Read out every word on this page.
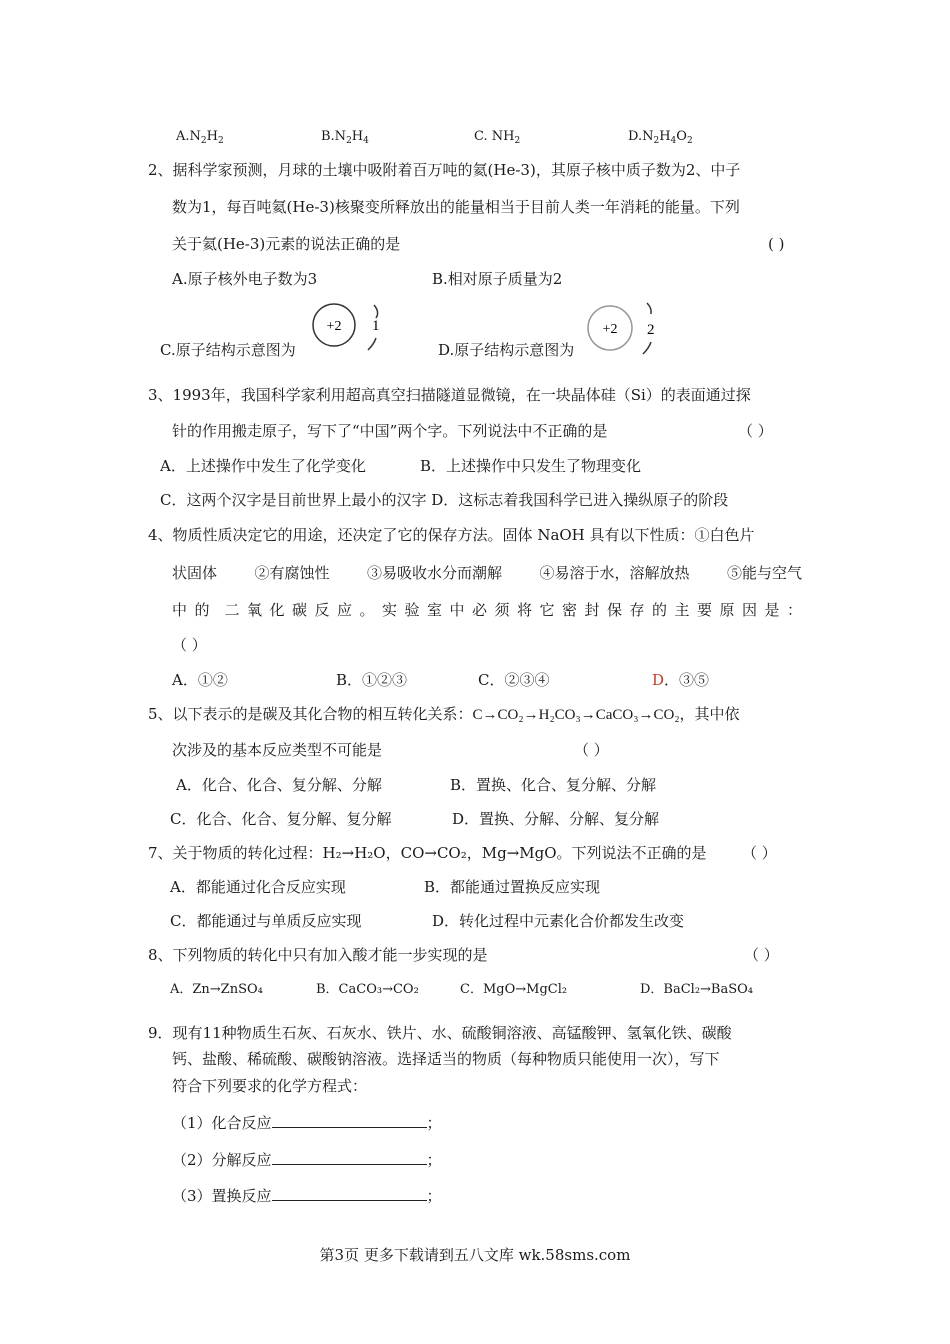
$A.N_2H_2$	$B.N_2H_4$	C. $NH_2$	$D.N_2H_4O_2$
2、据科学家预测，月球的土壤中吸附着百万吨的氦(He-3)，其原子核中质子数为2、中子
数为1，每百吨氦(He-3)核聚变所释放出的能量相当于目前人类一年消耗的能量。下列
关于氦(He-3)元素的说法正确的是	( )
A.原子核外电子数为3	B.相对原子质量为2
C.原子结构示意图为	D.原子结构示意图为
+2 1	+2 2
3、1993年，我国科学家利用超高真空扫描隧道显微镜，在一块晶体硅（Si）的表面通过探
针的作用搬走原子，写下了“中国”两个字。下列说法中不正确的是	（ ）
A．上述操作中发生了化学变化	B．上述操作中只发生了物理变化
C．这两个汉字是目前世界上最小的汉字 D．这标志着我国科学已进入操纵原子的阶段
4、物质性质决定它的用途，还决定了它的保存方法。固体 NaOH 具有以下性质：①白色片
状固体 ②有腐蚀性 ③易吸收水分而潮解 ④易溶于水，溶解放热 ⑤能与空气
中 的 二 氧 化 碳 反 应 。 实 验 室 中 必 须 将 它 密 封 保 存 的 主 要 原 因 是 ：
（ ）
A．①②	B．①②③	C．②③④	D．③⑤
5、以下表示的是碳及其化合物的相互转化关系：C→CO₂→H₂CO₃→CaCO₃→CO₂，其中依
次涉及的基本反应类型不可能是	（ ）
A．化合、化合、复分解、分解	B．置换、化合、复分解、分解
C．化合、化合、复分解、复分解	D．置换、分解、分解、复分解
7、关于物质的转化过程：H₂→H₂O，CO→CO₂，Mg→MgO。下列说法不正确的是 （ ）
A．都能通过化合反应实现	B．都能通过置换反应实现
C．都能通过与单质反应实现	D．转化过程中元素化合价都发生改变
8、下列物质的转化中只有加入酸才能一步实现的是	（ ）
A．Zn→ZnSO₄	B．CaCO₃→CO₂	C．MgO→MgCl₂	D．BaCl₂→BaSO₄
9．现有11种物质生石灰、石灰水、铁片、水、硫酸铜溶液、高锰酸钾、氢氧化铁、碳酸
钙、盐酸、稀硫酸、碳酸钠溶液。选择适当的物质（每种物质只能使用一次），写下
符合下列要求的化学方程式：
（1）化合反应	；
（2）分解反应	；
（3）置换反应	；
第3页 更多下载请到五八文库 wk.58sms.com
